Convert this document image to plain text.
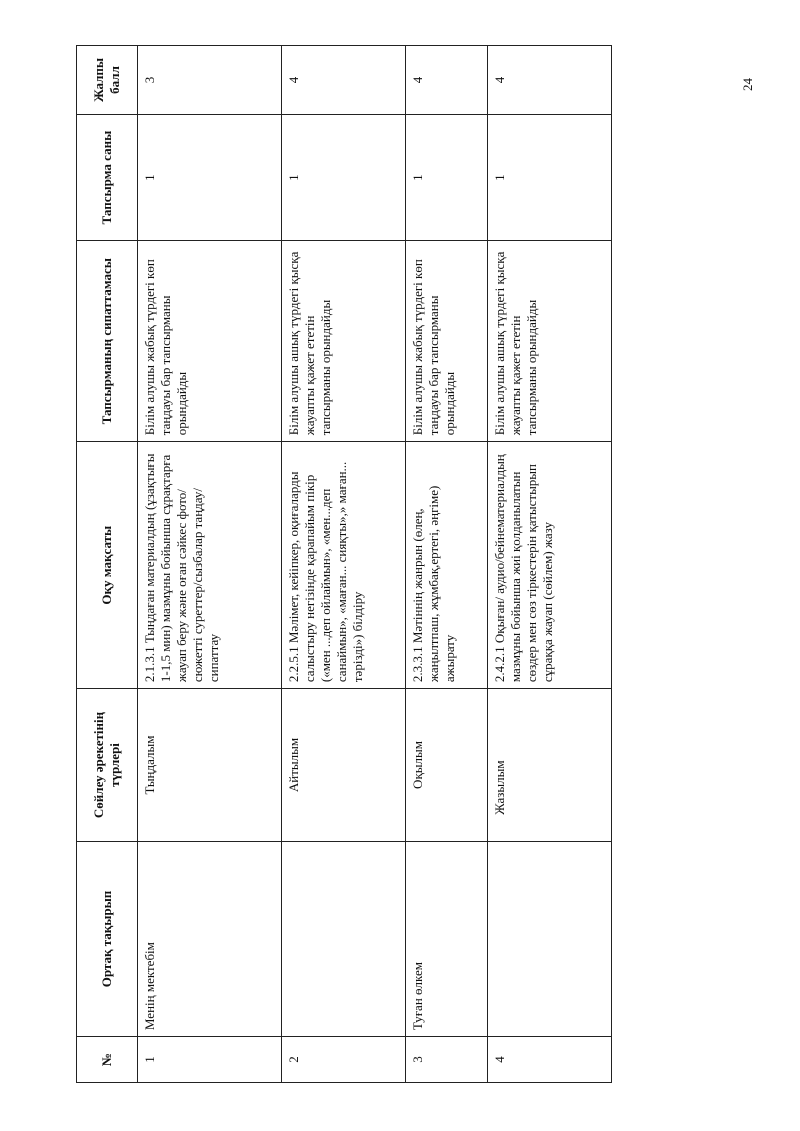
№	Ортақ тақырып	Сөйлеу әрекетінің түрлері	Оқу мақсаты	Тапсырманың сипаттамасы	Тапсырма саны	Жалпы балл
1	Менің мектебім	Тыңдалым	2.1.3.1 Тыңдаған материалдың (ұзақтығы 1-1,5 мин) мазмұны бойынша сұрақтарға жауап беру және оған сәйкес фото/сюжетті суреттер/сызбалар таңдау/ сипаттау	Білім алушы жабық түрдегі көп таңдауы бар тапсырманы орындайды	1	3
2		Айтылым	2.2.5.1 Мәлімет, кейіпкер, оқиғаларды салыстыру негізінде қарапайым пікір («мен ...деп ойлаймын», «мен...деп санаймын», «маған... сияқты»,» маған... тәрізді») білдіру	Білім алушы ашық түрдегі қысқа жауапты қажет ететін тапсырманы орындайды	1	4
3	Туған өлкем	Оқылым	2.3.3.1 Мәтіннің жанрын (өлең, жаңылтпаш, жұмбақ,ертегі, әңгіме) ажырату	Білім алушы жабық түрдегі көп таңдауы бар тапсырманы орындайды	1	4
4		Жазылым	2.4.2.1 Оқыған/ аудио/бейнематериалдың мазмұны бойынша жиі қолданылатын сөздер мен сөз тіркестерін қатыстырып сұраққа жауап (сөйлем) жазу	Білім алушы ашық түрдегі қысқа жауапты қажет ететін тапсырманы орындайды	1	4	24
